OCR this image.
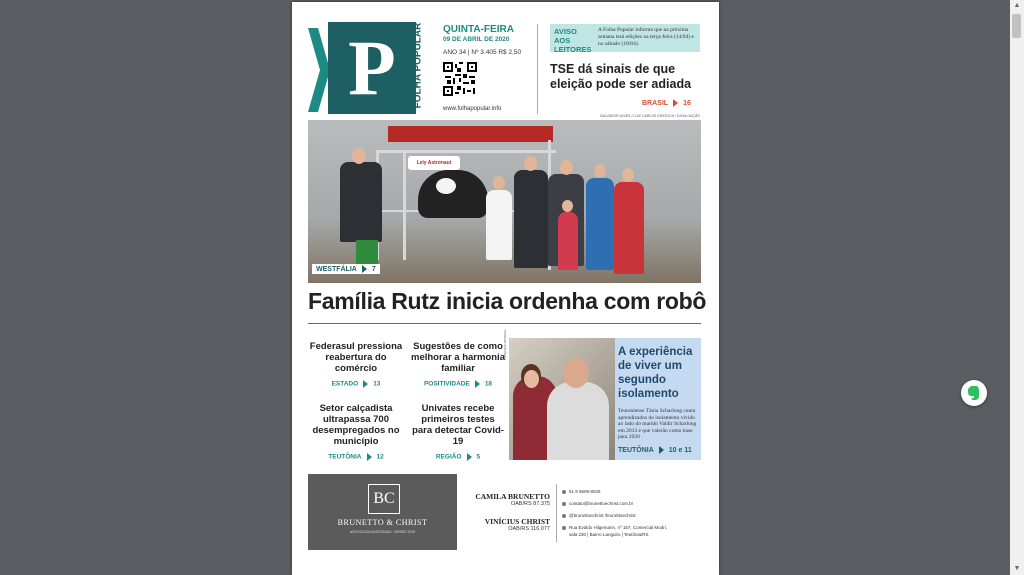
P	FOLHA POPULAR QUINTA-FEIRA
09 DE ABRIL DE 2020
ANO 34 | Nº 3.405 R$ 2,50
www.folhapopular.info
AVISO AOS LEITORES
A Folha Popular informa que na próxima semana terá edições na terça-feira (14/04) e no sábado (18/04).
TSE dá sinais de que eleição pode ser adiada
BRASIL 16
SALVADOR ALVES / LUIZ CARLOS KRATOCH / DIVULGAÇÃO
Lely Astronaut
WESTFÁLIA 7
Família Rutz inicia ordenha com robô
Federasul pressiona reabertura do comércio
ESTADO 13
Sugestões de como melhorar a harmonia familiar
POSITIVIDADE 18
Setor calçadista ultrapassa 700 desempregados no município
TEUTÔNIA 12
Univates recebe primeiros testes para detectar Covid-19
REGIÃO 5
ARQUIVO PESSOAL	A experiência de viver um segundo isolamento
Teutoniense Tânia Scharlong conta aprendizados do isolamento vivido ao lado do marido Valdir Scharlong em 2013 e que valerão como base para 2020
TEUTÔNIA 10 e 11
BC
BRUNETTO & CHRIST
ADVOCACIA ASSOCIADA · DESDE 2015
CAMILA BRUNETTO
OAB/RS 87.375
VINÍCIUS CHRIST
OAB/RS 116.077
51 9 9609-8026
contato@brunettoechrist.com.br
@brunettoechrist /brunettoechrist
Rua Evaldo Hilgemann, nº 157, Comercial Modri,
sala 230 | Bairro Languiru | Teutônia/RS
▲
▼
